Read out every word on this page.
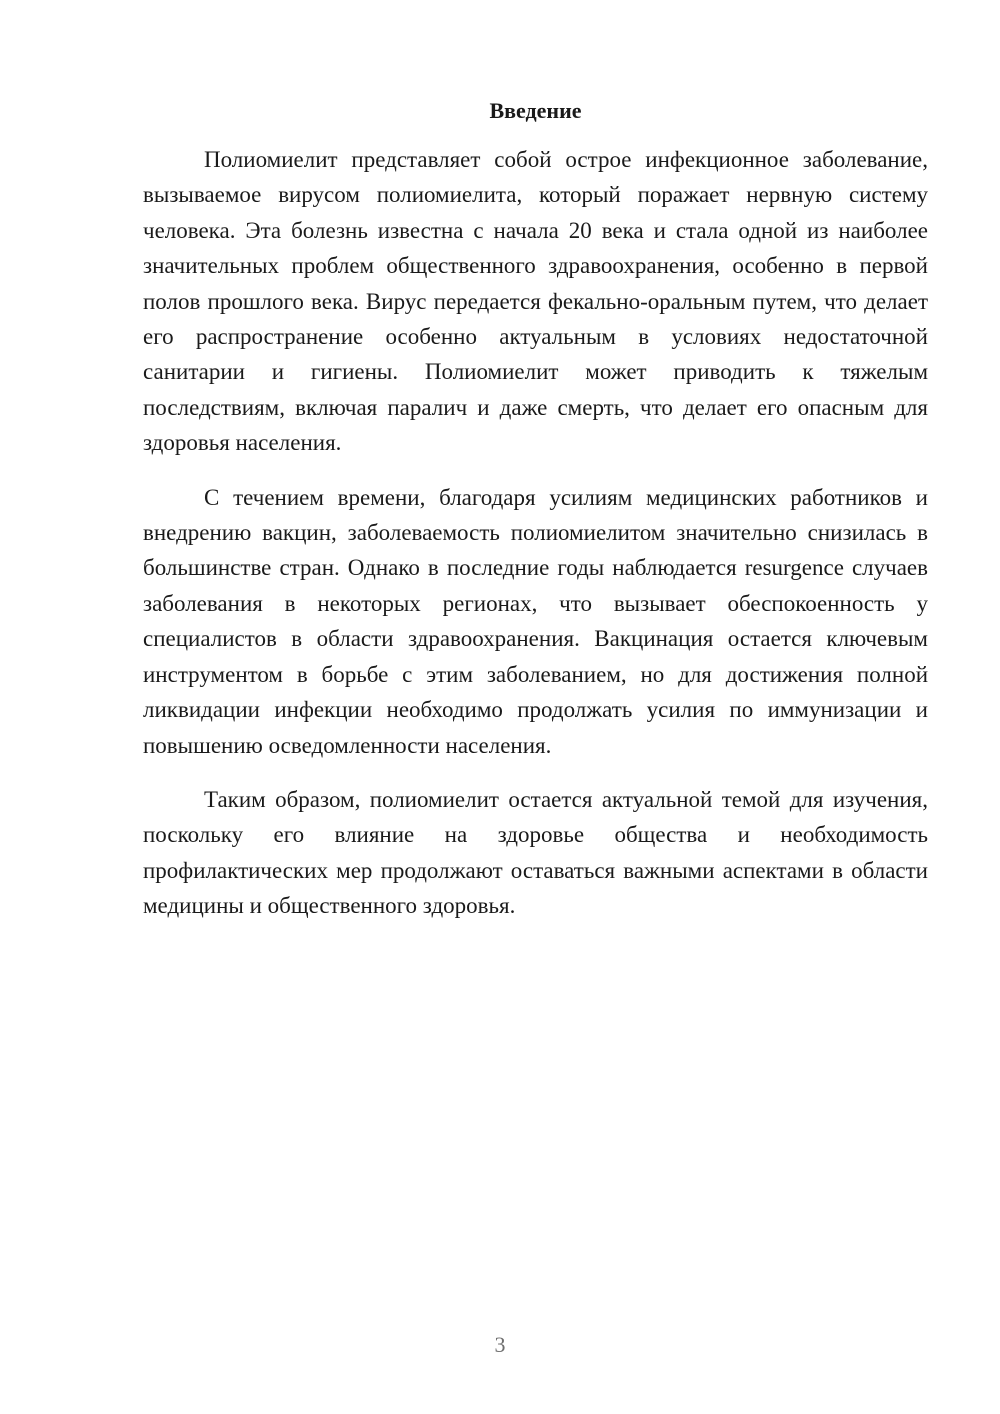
Введение

Полиомиелит представляет собой острое инфекционное заболевание, вызываемое вирусом полиомиелита, который поражает нервную систему человека. Эта болезнь известна с начала 20 века и стала одной из наиболее значительных проблем общественного здравоохранения, особенно в первой полов прошлого века. Вирус передается фекально-оральным путем, что делает его распространение особенно актуальным в условиях недостаточной санитарии и гигиены. Полиомиелит может приводить к тяжелым последствиям, включая паралич и даже смерть, что делает его опасным для здоровья населения.

С течением времени, благодаря усилиям медицинских работников и внедрению вакцин, заболеваемость полиомиелитом значительно снизилась в большинстве стран. Однако в последние годы наблюдается resurgence случаев заболевания в некоторых регионах, что вызывает обеспокоенность у специалистов в области здравоохранения. Вакцинация остается ключевым инструментом в борьбе с этим заболеванием, но для достижения полной ликвидации инфекции необходимо продолжать усилия по иммунизации и повышению осведомленности населения.

Таким образом, полиомиелит остается актуальной темой для изучения, поскольку его влияние на здоровье общества и необходимость профилактических мер продолжают оставаться важными аспектами в области медицины и общественного здоровья.

3
